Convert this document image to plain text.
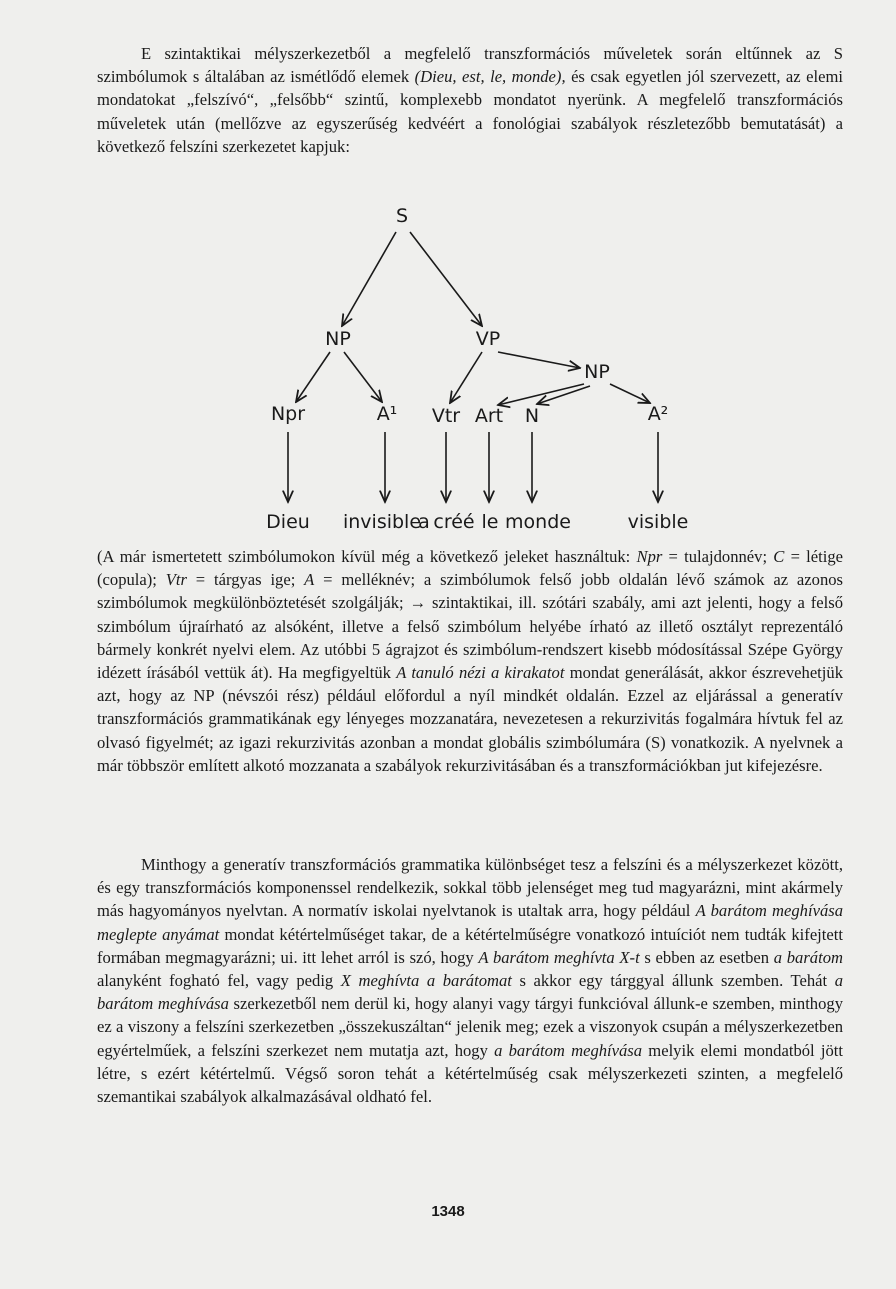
E szintaktikai mélyszerkezetből a megfelelő transzformációs műveletek során eltűnnek az S szimbólumok s általában az ismétlődő elemek (Dieu, est, le, monde), és csak egyetlen jól szervezett, az elemi mondatokat „felszívó“, „felsőbb“ szintű, komplexebb mondatot nyerünk. A megfelelő transzformációs műveletek után (mellőzve az egyszerűség kedvéért a fonológiai szabályok részletezőbb bemutatását) a következő felszíni szerkezetet kapjuk:

S
NP	VP
NP
Npr	A¹ Vtr Art N	A²
Dieu invisible
a créé le monde	visible

(A már ismertetett szimbólumokon kívül még a következő jeleket használtuk: Npr = tulajdonnév; C = létige (copula); Vtr = tárgyas ige; A = melléknév; a szimbólumok felső jobb oldalán lévő számok az azonos szimbólumok megkülönböztetését szolgálják; → szintaktikai, ill. szótári szabály, ami azt jelenti, hogy a felső szimbólum újraírható az alsóként, illetve a felső szimbólum helyébe írható az illető osztályt reprezentáló bármely konkrét nyelvi elem. Az utóbbi 5 ágrajzot és szimbólum-rendszert kisebb módosítással Szépe György idézett írásából vettük át). Ha megfigyeltük A tanuló nézi a kirakatot mondat generálását, akkor észrevehetjük azt, hogy az NP (névszói rész) például előfordul a nyíl mindkét oldalán. Ezzel az eljárással a generatív transzformációs grammatikának egy lényeges mozzanatára, nevezetesen a rekurzivitás fogalmára hívtuk fel az olvasó figyelmét; az igazi rekurzivitás azonban a mondat globális szimbólumára (S) vonatkozik. A nyelvnek a már többször említett alkotó mozzanata a szabályok rekurzivitásában és a transzformációkban jut kifejezésre.

Minthogy a generatív transzformációs grammatika különbséget tesz a felszíni és a mélyszerkezet között, és egy transzformációs komponenssel rendelkezik, sokkal több jelenséget meg tud magyarázni, mint akármely más hagyományos nyelvtan. A normatív iskolai nyelvtanok is utaltak arra, hogy például A barátom meghívása meglepte anyámat mondat kétértelműséget takar, de a kétértelműségre vonatkozó intuíciót nem tudták kifejtett formában megmagyarázni; ui. itt lehet arról is szó, hogy A barátom meghívta X-t s ebben az esetben a barátom alanyként fogható fel, vagy pedig X meghívta a barátomat s akkor egy tárggyal állunk szemben. Tehát a barátom meghívása szerkezetből nem derül ki, hogy alanyi vagy tárgyi funkcióval állunk-e szemben, minthogy ez a viszony a felszíni szerkezetben „összekuszáltan“ jelenik meg; ezek a viszonyok csupán a mélyszerkezetben egyértelműek, a felszíni szerkezet nem mutatja azt, hogy a barátom meghívása melyik elemi mondatból jött létre, s ezért kétértelmű. Végső soron tehát a kétértelműség csak mélyszerkezeti szinten, a megfelelő szemantikai szabályok alkalmazásával oldható fel.

1348
